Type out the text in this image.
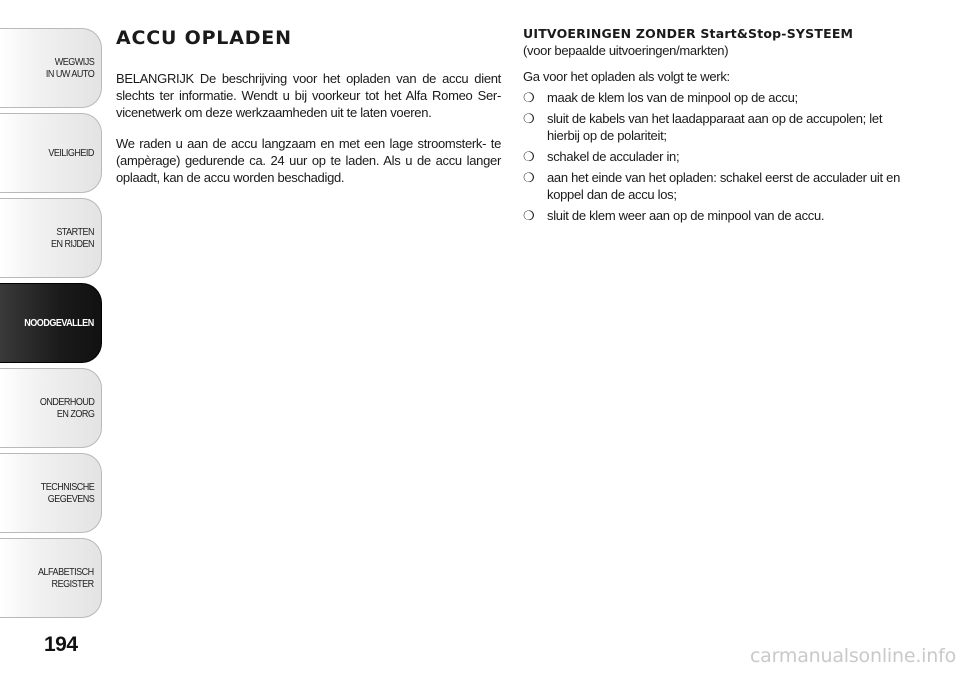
WEGWIJS
IN UW AUTO
VEILIGHEID
STARTEN
EN RIJDEN
NOODGEVALLEN
ONDERHOUD
EN ZORG
TECHNISCHE
GEGEVENS
ALFABETISCH
REGISTER
194
ACCU OPLADEN

BELANGRIJK De beschrijving voor het opladen van de accu dient slechts ter informatie. Wendt u bij voorkeur tot het Alfa Romeo Ser- vicenetwerk om deze werkzaamheden uit te laten voeren.

We raden u aan de accu langzaam en met een lage stroomsterk- te (ampèrage) gedurende ca. 24 uur op te laden. Als u de accu langer oplaadt, kan de accu worden beschadigd.

UITVOERINGEN ZONDER Start&Stop-SYSTEEM

(voor bepaalde uitvoeringen/markten)

Ga voor het opladen als volgt te werk:

❍ maak de klem los van de minpool op de accu;
❍ sluit de kabels van het laadapparaat aan op de accupolen; let hierbij op de polariteit;
❍ schakel de acculader in;
❍ aan het einde van het opladen: schakel eerst de acculader uit en koppel dan de accu los;
❍ sluit de klem weer aan op de minpool van de accu.
carmanualsonline.info
